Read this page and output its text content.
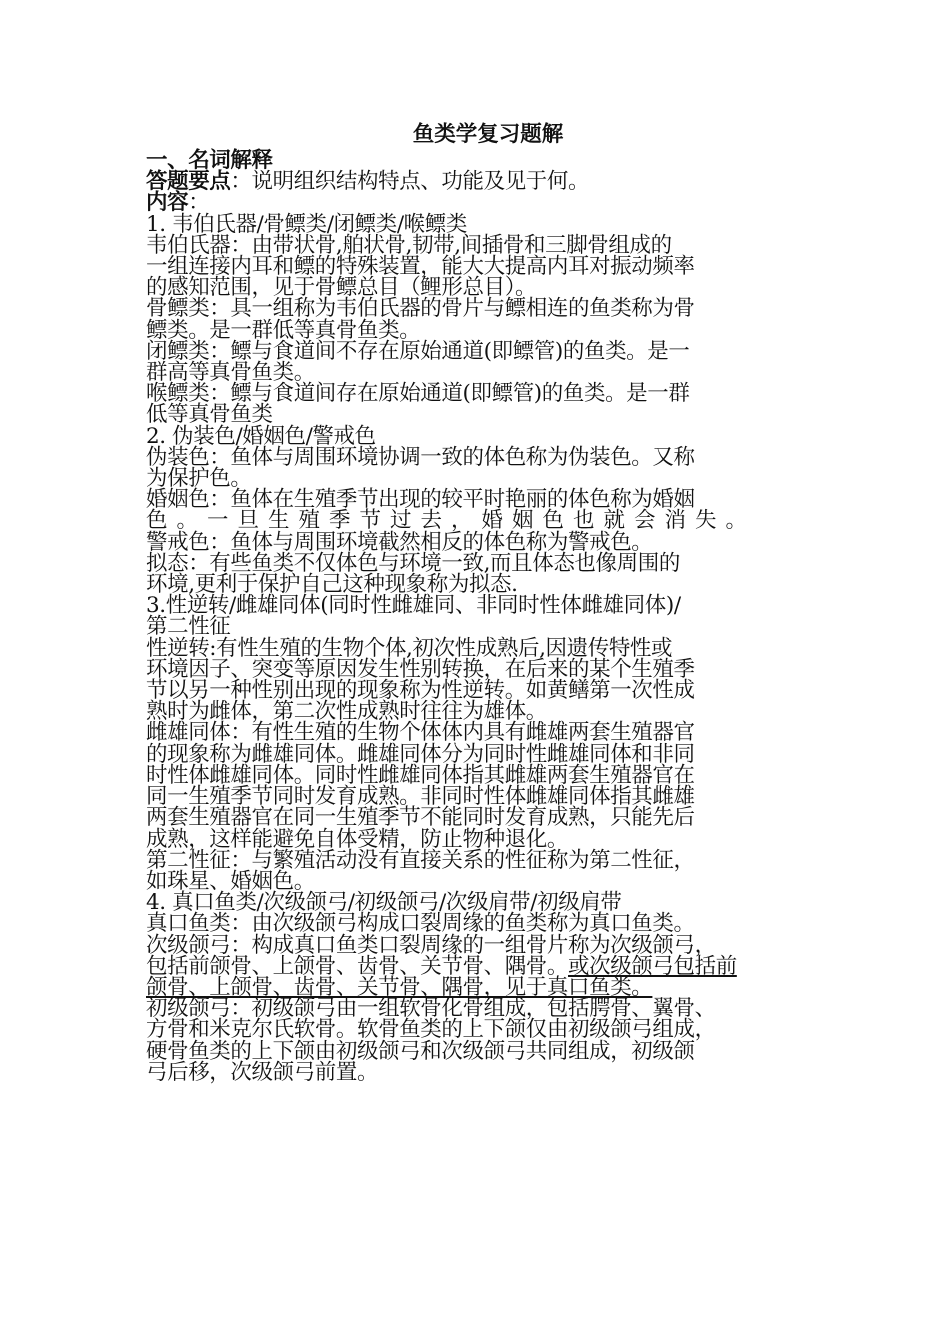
鱼类学复习题解
一、名词解释
答题要点：说明组织结构特点、功能及见于何。
内容：
1. 韦伯氏器/骨鳔类/闭鳔类/喉鳔类
韦伯氏器：由带状骨,舶状骨,韧带,间插骨和三脚骨组成的
一组连接内耳和鳔的特殊装置，能大大提高内耳对振动频率
的感知范围，见于骨鳔总目（鲤形总目）。
骨鳔类：具一组称为韦伯氏器的骨片与鳔相连的鱼类称为骨
鳔类。是一群低等真骨鱼类。
闭鳔类：鳔与食道间不存在原始通道(即鳔管)的鱼类。是一
群高等真骨鱼类。
喉鳔类：鳔与食道间存在原始通道(即鳔管)的鱼类。是一群
低等真骨鱼类
2. 伪装色/婚姻色/警戒色
伪装色：鱼体与周围环境协调一致的体色称为伪装色。又称
为保护色。
婚姻色：鱼体在生殖季节出现的较平时艳丽的体色称为婚姻
色。一旦生殖季节过去，婚姻色也就会消失。
警戒色：鱼体与周围环境截然相反的体色称为警戒色。
拟态：有些鱼类不仅体色与环境一致,而且体态也像周围的
环境,更利于保护自己这种现象称为拟态.
3.性逆转/雌雄同体(同时性雌雄同、非同时性体雌雄同体)/
第二性征
性逆转:有性生殖的生物个体,初次性成熟后,因遗传特性或
环境因子、突变等原因发生性别转换，在后来的某个生殖季
节以另一种性别出现的现象称为性逆转。如黄鳝第一次性成
熟时为雌体，第二次性成熟时往往为雄体。
雌雄同体：有性生殖的生物个体体内具有雌雄两套生殖器官
的现象称为雌雄同体。雌雄同体分为同时性雌雄同体和非同
时性体雌雄同体。同时性雌雄同体指其雌雄两套生殖器官在
同一生殖季节同时发育成熟。非同时性体雌雄同体指其雌雄
两套生殖器官在同一生殖季节不能同时发育成熟，只能先后
成熟，这样能避免自体受精，防止物种退化。
第二性征：与繁殖活动没有直接关系的性征称为第二性征，
如珠星、婚姻色。
4. 真口鱼类/次级颌弓/初级颌弓/次级肩带/初级肩带
真口鱼类：由次级颌弓构成口裂周缘的鱼类称为真口鱼类。
次级颌弓：构成真口鱼类口裂周缘的一组骨片称为次级颌弓，
包括前颌骨、上颌骨、齿骨、关节骨、隅骨。或次级颌弓包括前
颌骨、上颌骨、齿骨、关节骨、隅骨，见于真口鱼类。
初级颌弓：初级颌弓由一组软骨化骨组成，包括腭骨、翼骨、
方骨和米克尔氏软骨。软骨鱼类的上下颌仅由初级颌弓组成，
硬骨鱼类的上下颌由初级颌弓和次级颌弓共同组成，初级颌
弓后移，次级颌弓前置。
